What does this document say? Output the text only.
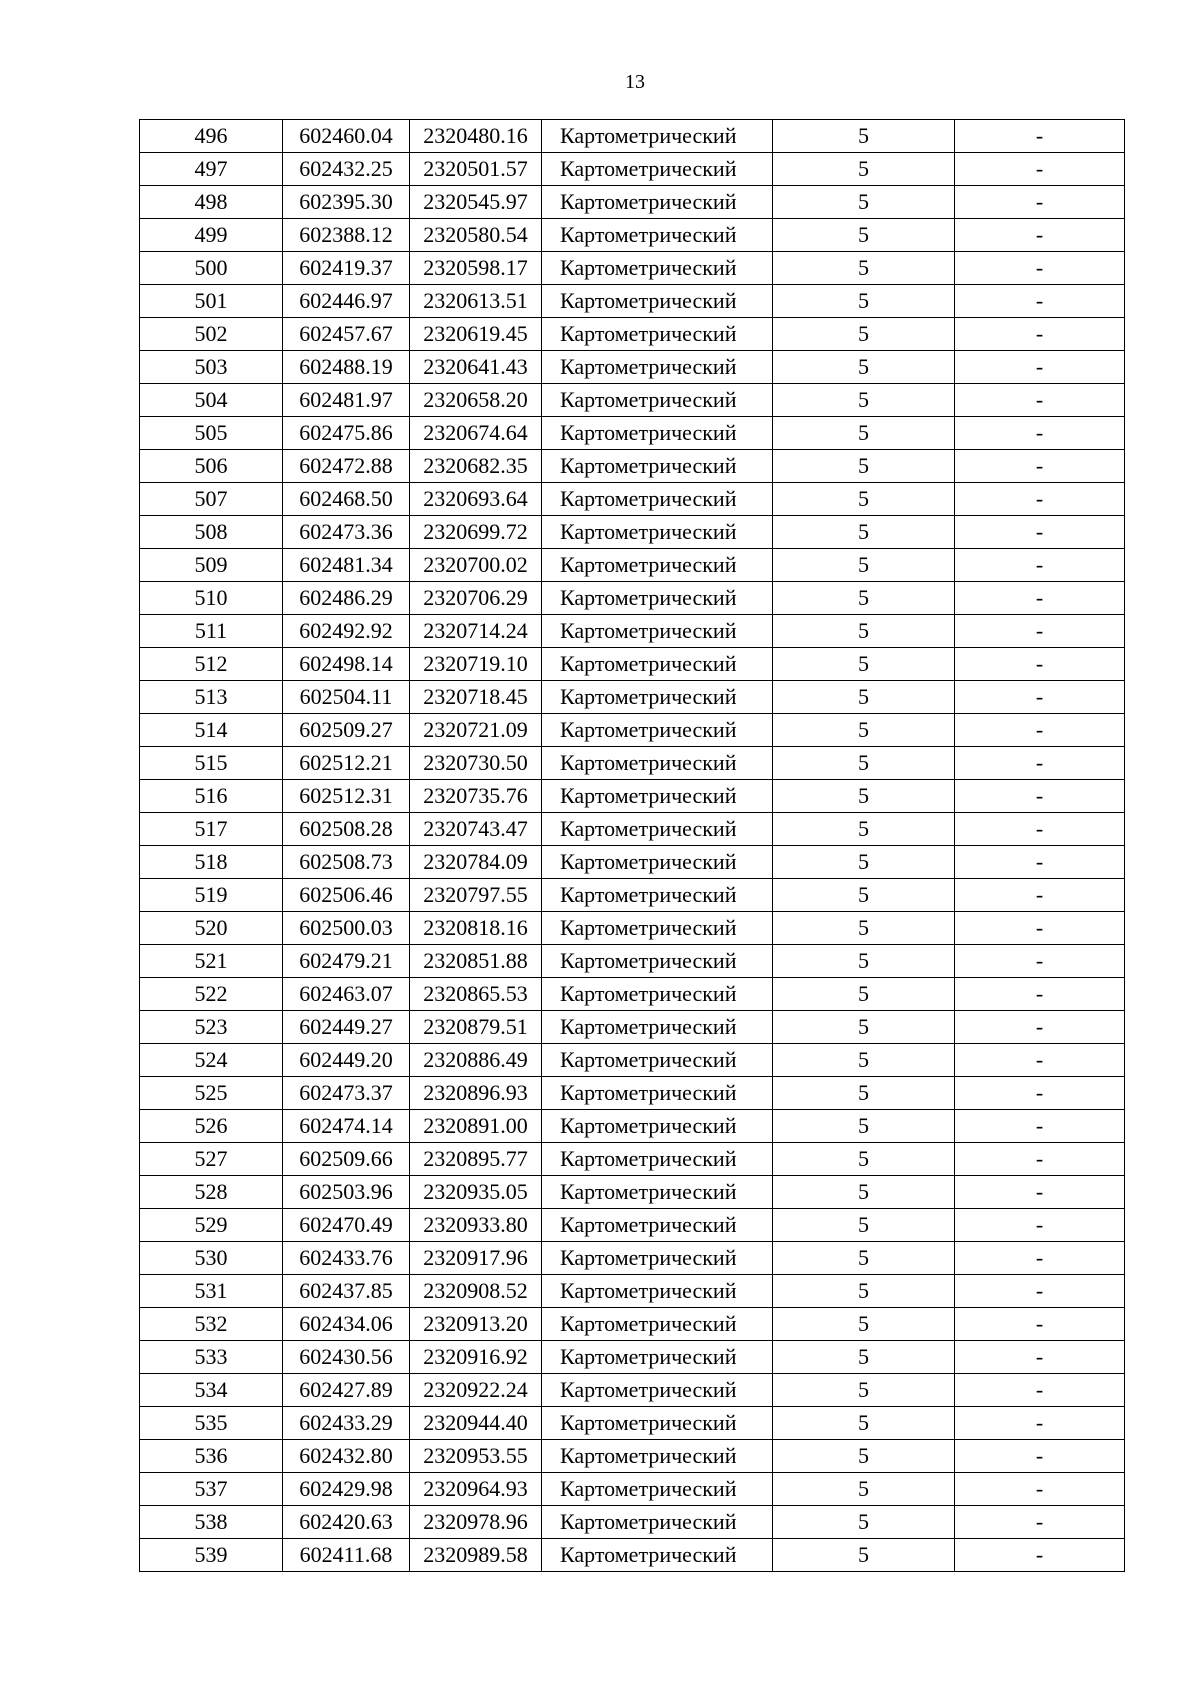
13
496	602460.04	2320480.16	Картометрический	5	-
497	602432.25	2320501.57	Картометрический	5	-
498	602395.30	2320545.97	Картометрический	5	-
499	602388.12	2320580.54	Картометрический	5	-
500	602419.37	2320598.17	Картометрический	5	-
501	602446.97	2320613.51	Картометрический	5	-
502	602457.67	2320619.45	Картометрический	5	-
503	602488.19	2320641.43	Картометрический	5	-
504	602481.97	2320658.20	Картометрический	5	-
505	602475.86	2320674.64	Картометрический	5	-
506	602472.88	2320682.35	Картометрический	5	-
507	602468.50	2320693.64	Картометрический	5	-
508	602473.36	2320699.72	Картометрический	5	-
509	602481.34	2320700.02	Картометрический	5	-
510	602486.29	2320706.29	Картометрический	5	-
511	602492.92	2320714.24	Картометрический	5	-
512	602498.14	2320719.10	Картометрический	5	-
513	602504.11	2320718.45	Картометрический	5	-
514	602509.27	2320721.09	Картометрический	5	-
515	602512.21	2320730.50	Картометрический	5	-
516	602512.31	2320735.76	Картометрический	5	-
517	602508.28	2320743.47	Картометрический	5	-
518	602508.73	2320784.09	Картометрический	5	-
519	602506.46	2320797.55	Картометрический	5	-
520	602500.03	2320818.16	Картометрический	5	-
521	602479.21	2320851.88	Картометрический	5	-
522	602463.07	2320865.53	Картометрический	5	-
523	602449.27	2320879.51	Картометрический	5	-
524	602449.20	2320886.49	Картометрический	5	-
525	602473.37	2320896.93	Картометрический	5	-
526	602474.14	2320891.00	Картометрический	5	-
527	602509.66	2320895.77	Картометрический	5	-
528	602503.96	2320935.05	Картометрический	5	-
529	602470.49	2320933.80	Картометрический	5	-
530	602433.76	2320917.96	Картометрический	5	-
531	602437.85	2320908.52	Картометрический	5	-
532	602434.06	2320913.20	Картометрический	5	-
533	602430.56	2320916.92	Картометрический	5	-
534	602427.89	2320922.24	Картометрический	5	-
535	602433.29	2320944.40	Картометрический	5	-
536	602432.80	2320953.55	Картометрический	5	-
537	602429.98	2320964.93	Картометрический	5	-
538	602420.63	2320978.96	Картометрический	5	-
539	602411.68	2320989.58	Картометрический	5	-
